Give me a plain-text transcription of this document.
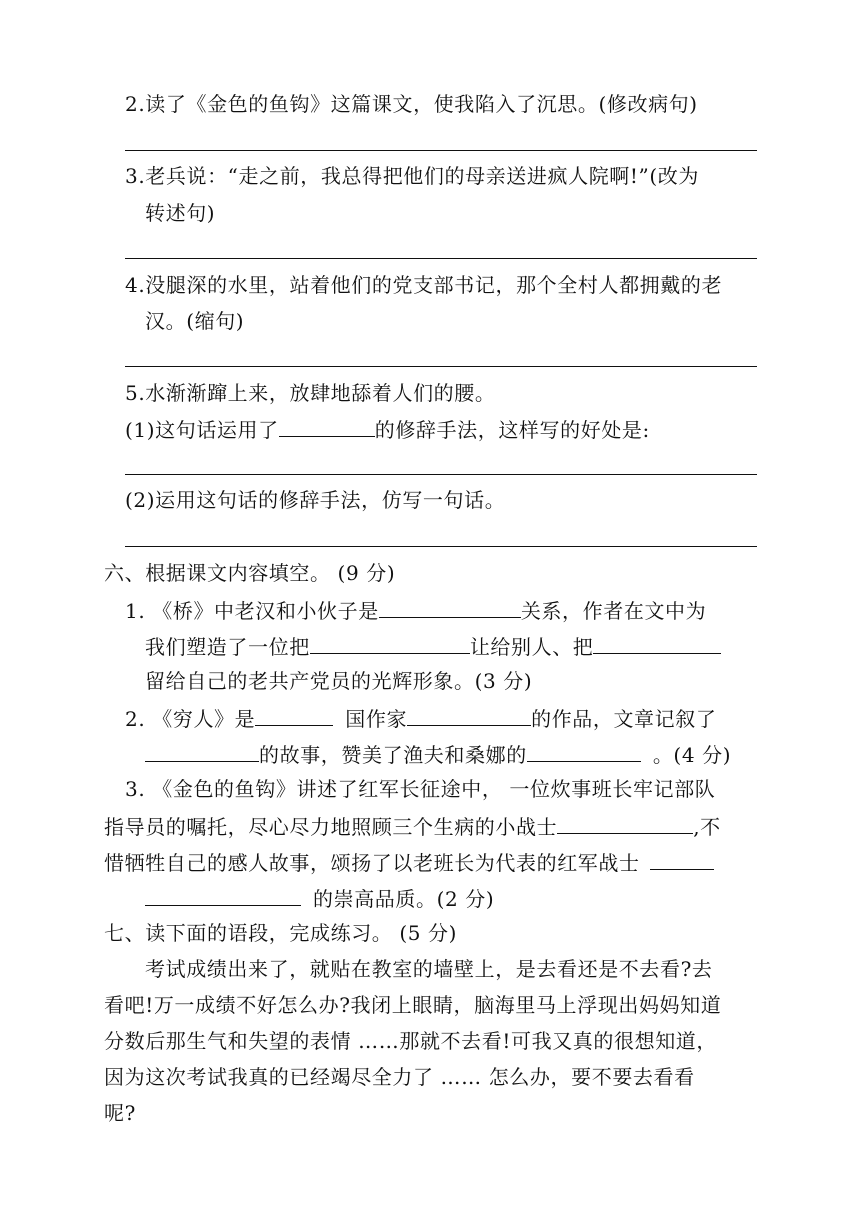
2.读了《金色的鱼钩》这篇课文，使我陷入了沉思。(修改病句)
3.老兵说：“走之前，我总得把他们的母亲送进疯人院啊!”(改为
转述句)
4.没腿深的水里，站着他们的党支部书记，那个全村人都拥戴的老
汉。(缩句)
5.水渐渐蹿上来，放肆地舔着人们的腰。
(1)这句话运用了	的修辞手法，这样写的好处是:
(2)运用这句话的修辞手法，仿写一句话。
六、根据课文内容填空。 (9 分)
1. 《桥》中老汉和小伙子是	关系，作者在文中为
我们塑造了一位把	让给别人、把
留给自己的老共产党员的光辉形象。(3 分)
2. 《穷人》是	国作家	的作品，文章记叙了
的故事，赞美了渔夫和桑娜的	。(4 分)
3. 《金色的鱼钩》讲述了红军长征途中， 一位炊事班长牢记部队
指导员的嘱托，尽心尽力地照顾三个生病的小战士	,不
惜牺牲自己的感人故事，颂扬了以老班长为代表的红军战士
的崇高品质。(2 分)
七、读下面的语段，完成练习。 (5 分)
考试成绩出来了，就贴在教室的墙壁上，是去看还是不去看?去
看吧!万一成绩不好怎么办?我闭上眼睛，脑海里马上浮现出妈妈知道
分数后那生气和失望的表情 ……那就不去看!可我又真的很想知道，
因为这次考试我真的已经竭尽全力了 …… 怎么办，要不要去看看
呢?
